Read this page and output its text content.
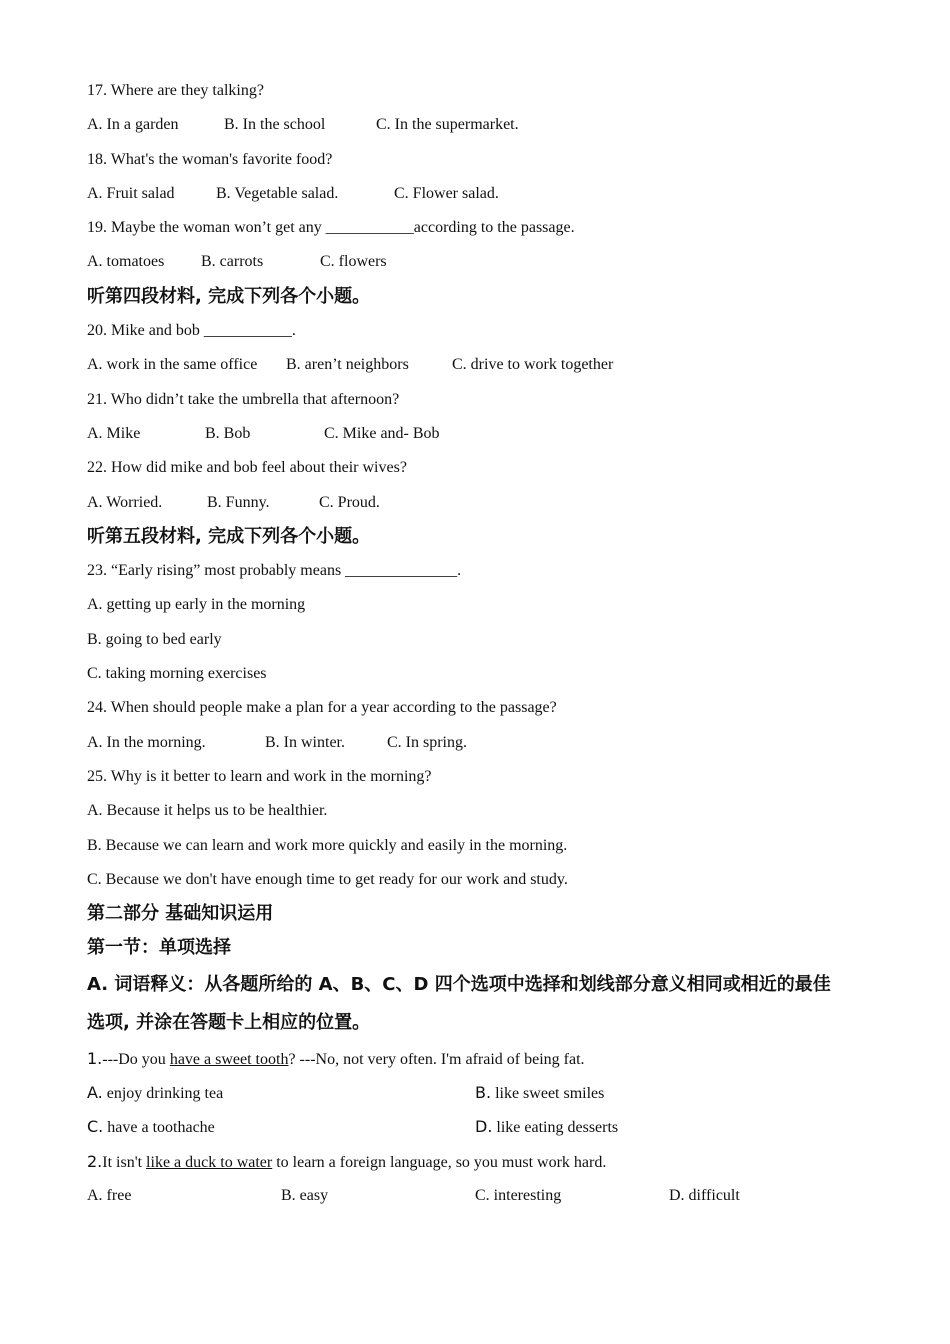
17. Where are they talking?
A. In a garden	B. In the school	C. In the supermarket.
18. What's the woman's favorite food?
A. Fruit salad	B. Vegetable salad.	C. Flower salad.
19. Maybe the woman won’t get any ___________according to the passage.
A. tomatoes B. carrots	C. flowers
听第四段材料, 完成下列各个小题。
20. Mike and bob ___________.
A. work in the same office B. aren’t neighbors	C. drive to work together
21. Who didn’t take the umbrella that afternoon?
A. Mike	B. Bob	C. Mike and- Bob
22. How did mike and bob feel about their wives?
A. Worried.	B. Funny.	C. Proud.
听第五段材料, 完成下列各个小题。
23. “Early rising” most probably means ______________.
A. getting up early in the morning
B. going to bed early
C. taking morning exercises
24. When should people make a plan for a year according to the passage?
A. In the morning.	B. In winter.	C. In spring.
25. Why is it better to learn and work in the morning?
A. Because it helps us to be healthier.
B. Because we can learn and work more quickly and easily in the morning.
C. Because we don't have enough time to get ready for our work and study.
第二部分 基础知识运用
第一节：单项选择
A. 词语释义：从各题所给的 A、B、C、D 四个选项中选择和划线部分意义相同或相近的最佳
选项, 并涂在答题卡上相应的位置。
1.---Do you have a sweet tooth? ---No, not very often. I'm afraid of being fat.
A. enjoy drinking tea	B. like sweet smiles
C. have a toothache	D. like eating desserts
2.It isn't like a duck to water to learn a foreign language, so you must work hard.
A. free	B. easy	C. interesting	D. difficult
